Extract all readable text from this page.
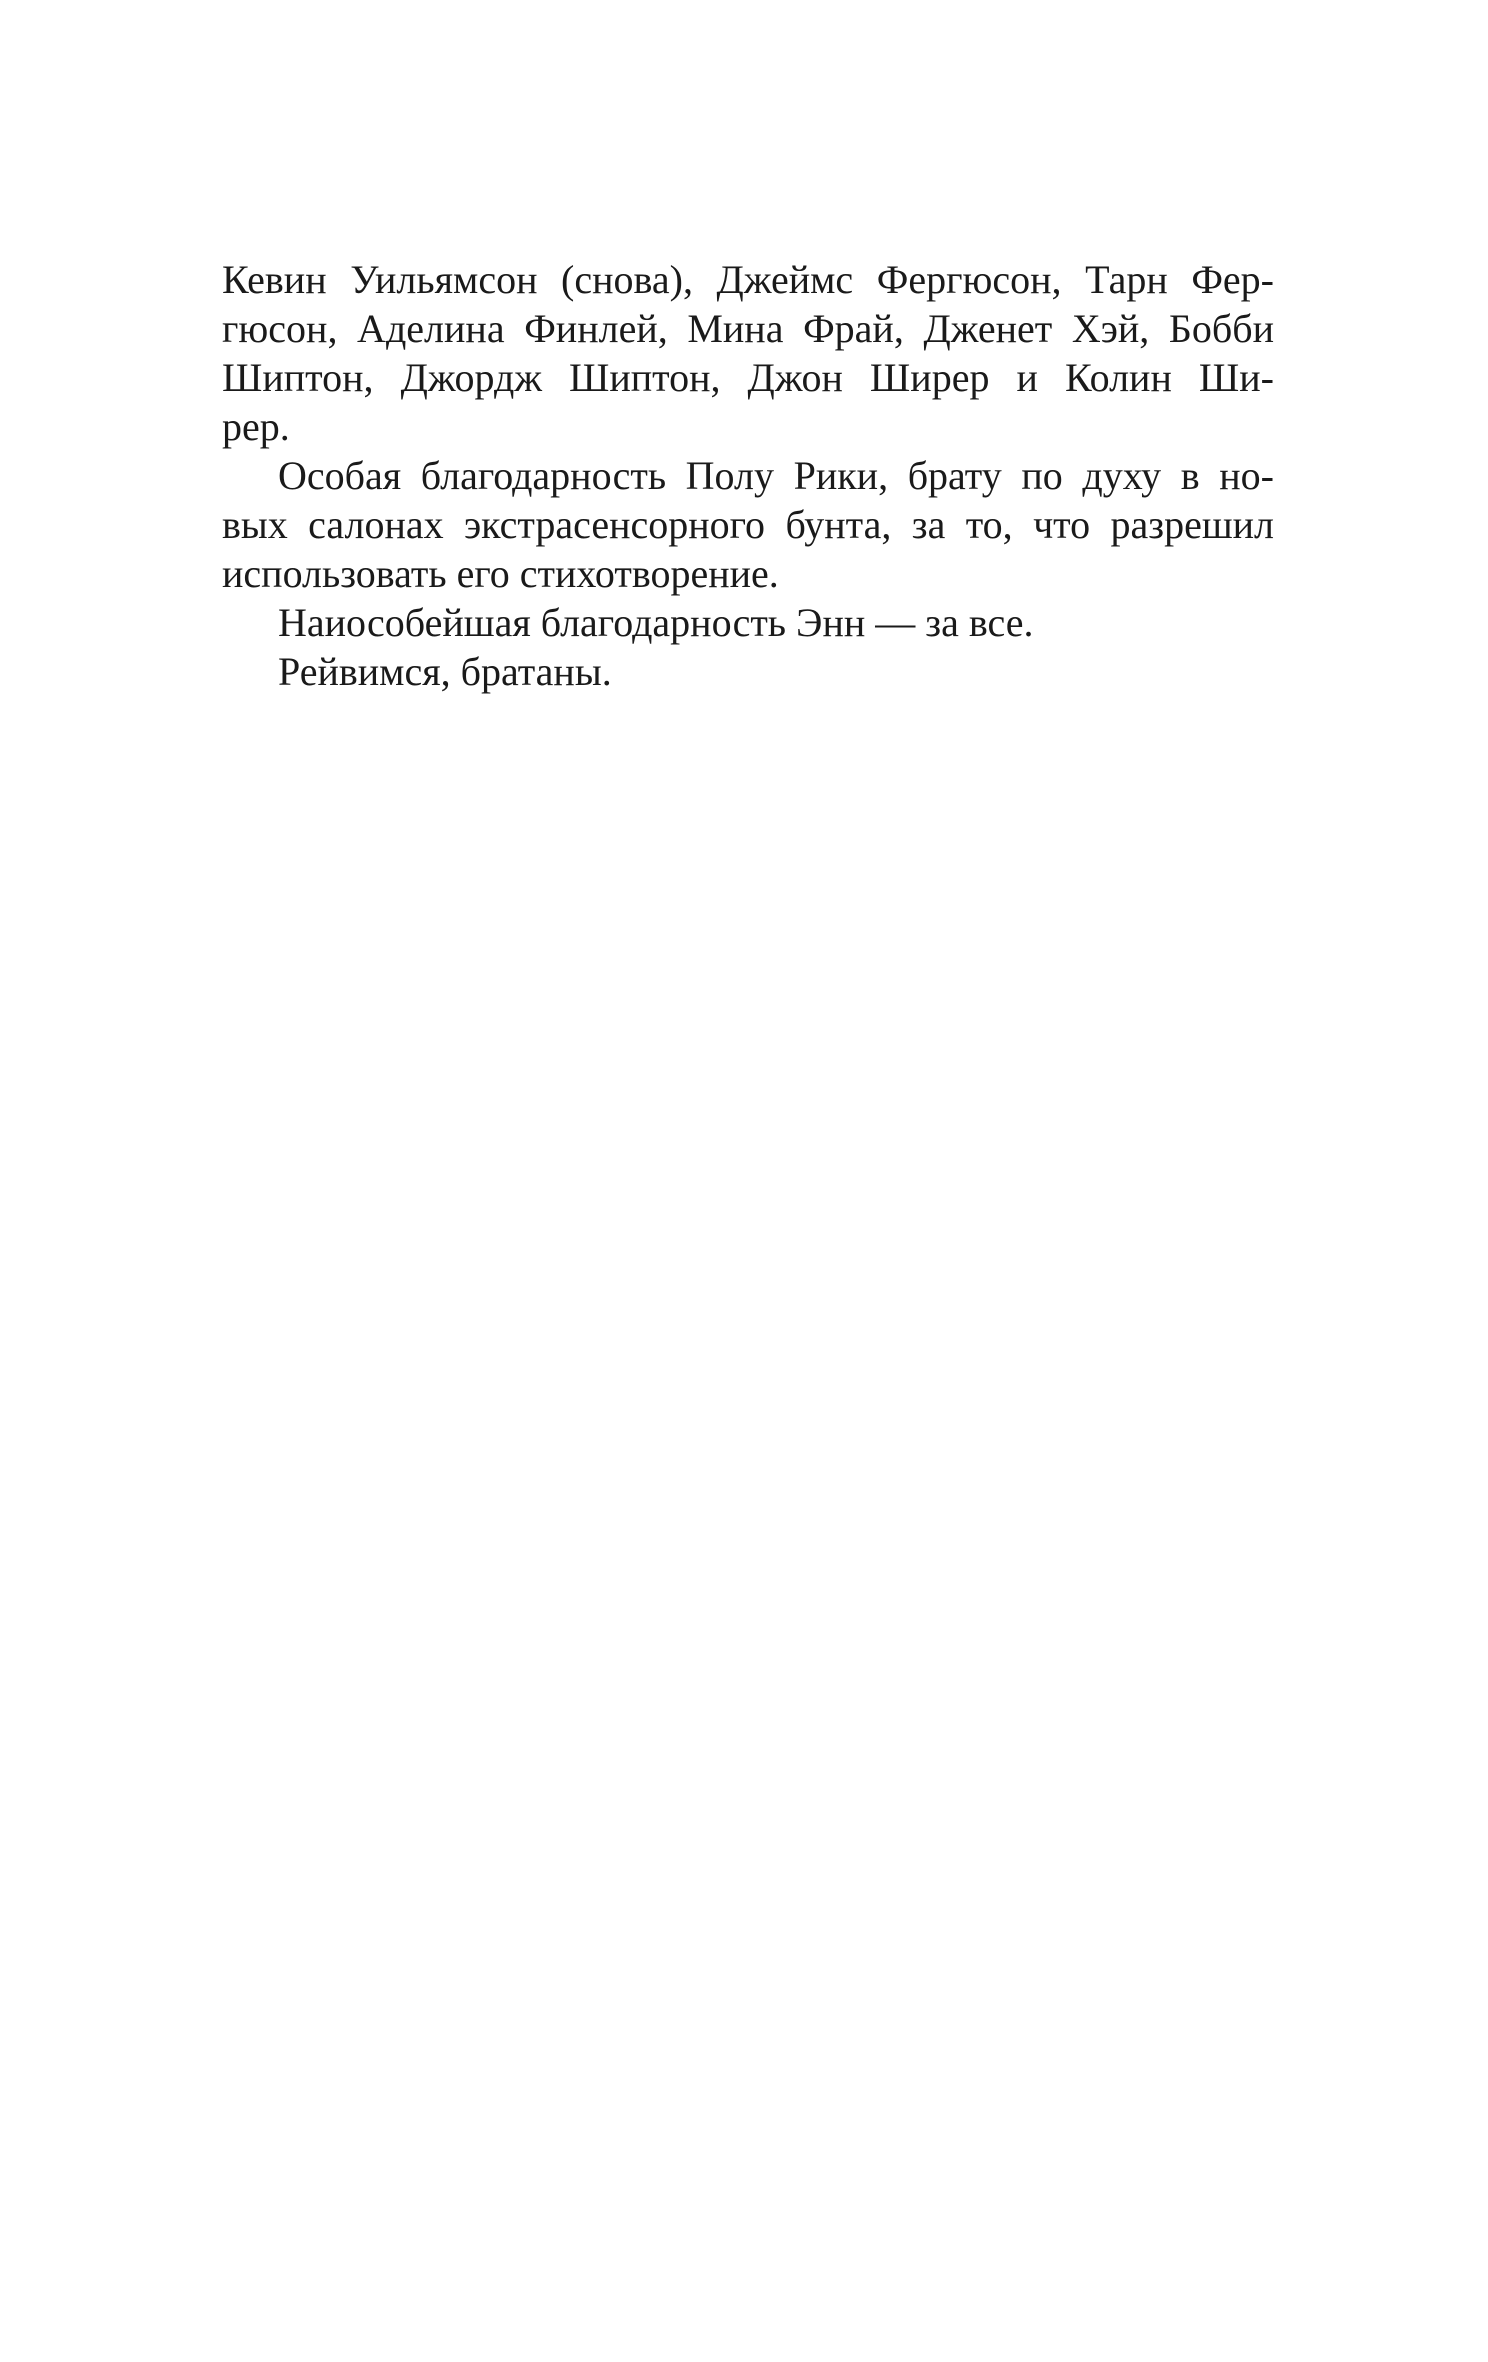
Кевин Уильямсон (снова), Джеймс Фергюсон, Тарн Фер-
гюсон, Аделина Финлей, Мина Фрай, Дженет Хэй, Бобби
Шиптон, Джордж Шиптон, Джон Ширер и Колин Ши-
рер.
Особая благодарность Полу Рики, брату по духу в но-
вых салонах экстрасенсорного бунта, за то, что разрешил
использовать его стихотворение.
Наиособейшая благодарность Энн — за все.
Рейвимся, братаны.
